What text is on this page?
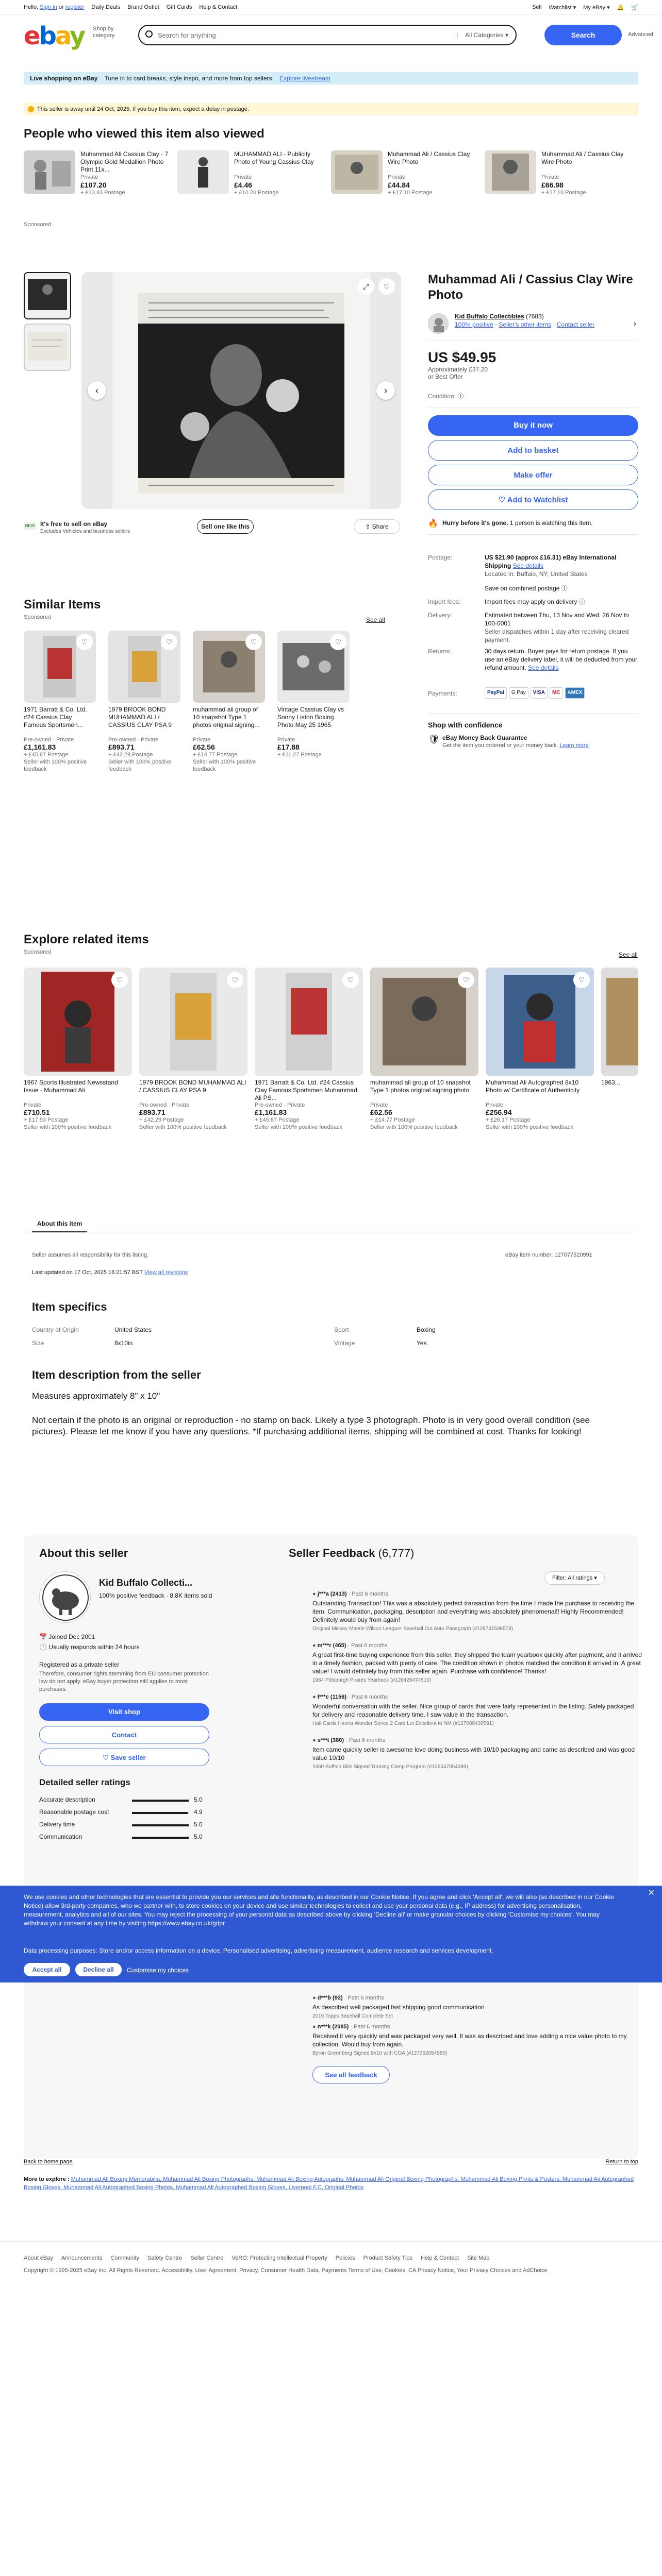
Hello, Sign in or register Daily Deals Brand Outlet Gift Cards Help & Contact	Sell Watchlist ▾ My eBay ▾ 🔔 🛒
ebay Shop by category	Search for anything	All Categories ▾	Search	Advanced
Live shopping on eBay Tune in to card breaks, style inspo, and more from top sellers. Explore livestream
This seller is away until 24 Oct, 2025. If you buy this item, expect a delay in postage.
People who viewed this item also viewed
Muhammad Ali Cassius Clay - 7 Olympic Gold Medallion Photo Print 11x...
Private
£107.20
+ £13.43 Postage
MUHAMMAD ALI - Publicity Photo of Young Cassius Clay
Private
£4.46
+ £10.20 Postage
Muhammad Ali / Cassius Clay Wire Photo
Private
£44.84
+ £17.10 Postage
Muhammad Ali / Cassius Clay Wire Photo
Private
£66.98
+ £17.10 Postage
Sponsored
‹	›
⤢	♡
NEW It's free to sell on eBay
Excludes Vehicles and business sellers
Sell one like this	⇪ Share
Muhammad Ali / Cassius Clay Wire Photo
Kid Buffalo Collectibles (7683)
100% positive · Seller's other items · Contact seller	›
US $49.95
Approximately £37.20
or Best Offer
Condition: ⓘ
Buy it now
Add to basket
Make offer
♡ Add to Watchlist
🔥 Hurry before it's gone. 1 person is watching this item.
Postage:	US $21.90 (approx £16.31) eBay International Shipping See details
Located in: Buffalo, NY, United States
Save on combined postage ⓘ
Import fees:	Import fees may apply on delivery ⓘ
Delivery:	Estimated between Thu, 13 Nov and Wed, 26 Nov to 100-0001
Seller dispatches within 1 day after receiving cleared payment.
Returns:	30 days return. Buyer pays for return postage. If you use an eBay delivery label, it will be deducted from your refund amount. See details
Payments:	PayPal	G Pay	VISA	MC	AMEX
Shop with confidence
🛡 eBay Money Back Guarantee
Get the item you ordered or your money back. Learn more
Similar Items
Sponsored	See all
♡
1971 Barratt & Co. Ltd. #24 Cassius Clay Famous Sportsmen...
Pre-owned · Private
£1,161.83
+ £45.87 Postage
Seller with 100% positive feedback
♡
1979 BROOK BOND MUHAMMAD ALI / CASSIUS CLAY PSA 9
Pre-owned · Private
£893.71
+ £42.29 Postage
Seller with 100% positive feedback
♡
muhammad ali group of 10 snapshot Type 1 photos original signing...
Private
£62.56
+ £14.77 Postage
Seller with 100% positive feedback
♡
Vintage Cassius Clay vs Sonny Liston Boxing Photo May 25 1965
Private
£17.88
+ £11.27 Postage
Explore related items
Sponsored	See all
♡
1967 Sports Illustrated Newsstand Issue - Muhammad Ali
Private
£710.51
+ £17.53 Postage
Seller with 100% positive feedback
♡
1979 BROOK BOND MUHAMMAD ALI / CASSIUS CLAY PSA 9
Pre-owned · Private
£893.71
+ £42.29 Postage
Seller with 100% positive feedback
♡
1971 Barratt & Co. Ltd. #24 Cassius Clay Famous Sportsmen Muhammad Ali PS...
Pre-owned · Private
£1,161.83
+ £45.87 Postage
Seller with 100% positive feedback
♡
muhammad ali group of 10 snapshot Type 1 photos original signing photo
Private
£62.56
+ £14.77 Postage
Seller with 100% positive feedback
♡
Muhammad Ali Autographed 8x10 Photo w/ Certificate of Authenticity
Private
£256.94
+ £26.17 Postage
Seller with 100% positive feedback
1963...
About this item
Seller assumes all responsibility for this listing.	eBay item number: 127077520991
Last updated on 17 Oct, 2025 16:21:57 BST View all revisions
Item specifics
Country of Origin	United States	Sport	Boxing
Size	8x10in	Vintage	Yes
Item description from the seller
Measures approximately 8" x 10"
Not certain if the photo is an original or reproduction - no stamp on back. Likely a type 3 photograph. Photo is in very good overall condition (see pictures). Please let me know if you have any questions. *If purchasing additional items, shipping will be combined at cost. Thanks for looking!
About this seller
Kid Buffalo Collecti...
100% positive feedback · 8.8K items sold
📅 Joined Dec 2001
🕐 Usually responds within 24 hours
Registered as a private seller
Therefore, consumer rights stemming from EU consumer protection law do not apply. eBay buyer protection still applies to most purchases.
Visit shop
Contact
♡ Save seller
Detailed seller ratings
Accurate description	5.0
Reasonable postage cost	4.9
Delivery time	5.0
Communication	5.0
Seller Feedback (6,777)
Filter: All ratings ▾
● j***a (2413) · Past 6 months
Outstanding Transaction! This was a absolutely perfect transaction from the time I made the purchase to receiving the item. Communication, packaging, description and everything was absolutely phenomenal!! Highly Recommended! Definitely would buy from again!
Original Mickey Mantle Wilson Leaguer Baseball Cut Auto Panagraph (#126741596578)
● m***r (465) · Past 6 months
A great first-time buying experience from this seller. they shipped the team yearbook quickly after payment, and it arrived in a timely fashion, packed with plenty of care. The condition shown in photos matched the condition it arrived in. A great value! I would definitely buy from this seller again. Purchase with confidence! Thanks!
1964 Pittsburgh Pirates Yearbook (#126428474510)
● l***c (1156) · Past 6 months
Wonderful conversation with the seller. Nice group of cards that were fairly represented in the listing. Safely packaged for delivery and reasonable delivery time. I saw value in the transaction.
Hall Cards Hanna Wonder Series 2 Card Lot Excellent to NM (#127089430591)
● s***t (380) · Past 6 months
Item came quickly seller is awesome love doing business with 10/10 packaging and came as described and was good value 10/10
1960 Buffalo Bills Signed Training Camp Program (#126547054389)
● d***b (92) · Past 6 months
As described well packaged fast shipping good communication
2019 Topps Baseball Complete Set
● n***k (2085) · Past 6 months
Received it very quickly and was packaged very well. It was as described and love adding a nice value photo to my collection. Would buy from again.
Byron Greenberg Signed 8x10 with COA (#127252054980)
See all feedback

We use cookies and other technologies that are essential to provide you our services and site functionality, as described in our Cookie Notice. If you agree and click 'Accept all', we will also (as described in our Cookie Notice) allow 3rd-party companies, who we partner with, to store cookies on your device and use similar technologies to collect and use your personal data (e.g., IP address) for advertising personalisation, measurement, analytics and all of our sites. You may reject the processing of your personal data as described above by clicking 'Decline all' or make granular choices by clicking 'Customise my choices'. You may withdraw your consent at any time by visiting https://www.ebay.co.uk/gdpr.

Data processing purposes: Store and/or access information on a device. Personalised advertising, advertising measurement, audience research and services development.

✕
Accept all	Decline all	Customise my choices
Back to home page	Return to top
More to explore : Muhammad Ali Boxing Memorabilia, Muhammad Ali Boxing Photographs, Muhammad Ali Boxing Autographs, Muhammad Ali Original Boxing Photographs, Muhammad Ali Boxing Prints & Posters, Muhammad Ali Autographed Boxing Gloves, Muhammad Ali Autographed Boxing Photos, Muhammad Ali Autographed Boxing Gloves, Liverpool F.C. Original Photos
About eBay Announcements Community Safety Centre Seller Centre VeRO: Protecting Intellectual Property Policies Product Safety Tips Help & Contact Site Map
Copyright © 1995-2025 eBay Inc. All Rights Reserved. Accessibility, User Agreement, Privacy, Consumer Health Data, Payments Terms of Use, Cookies, CA Privacy Notice, Your Privacy Choices and AdChoice
